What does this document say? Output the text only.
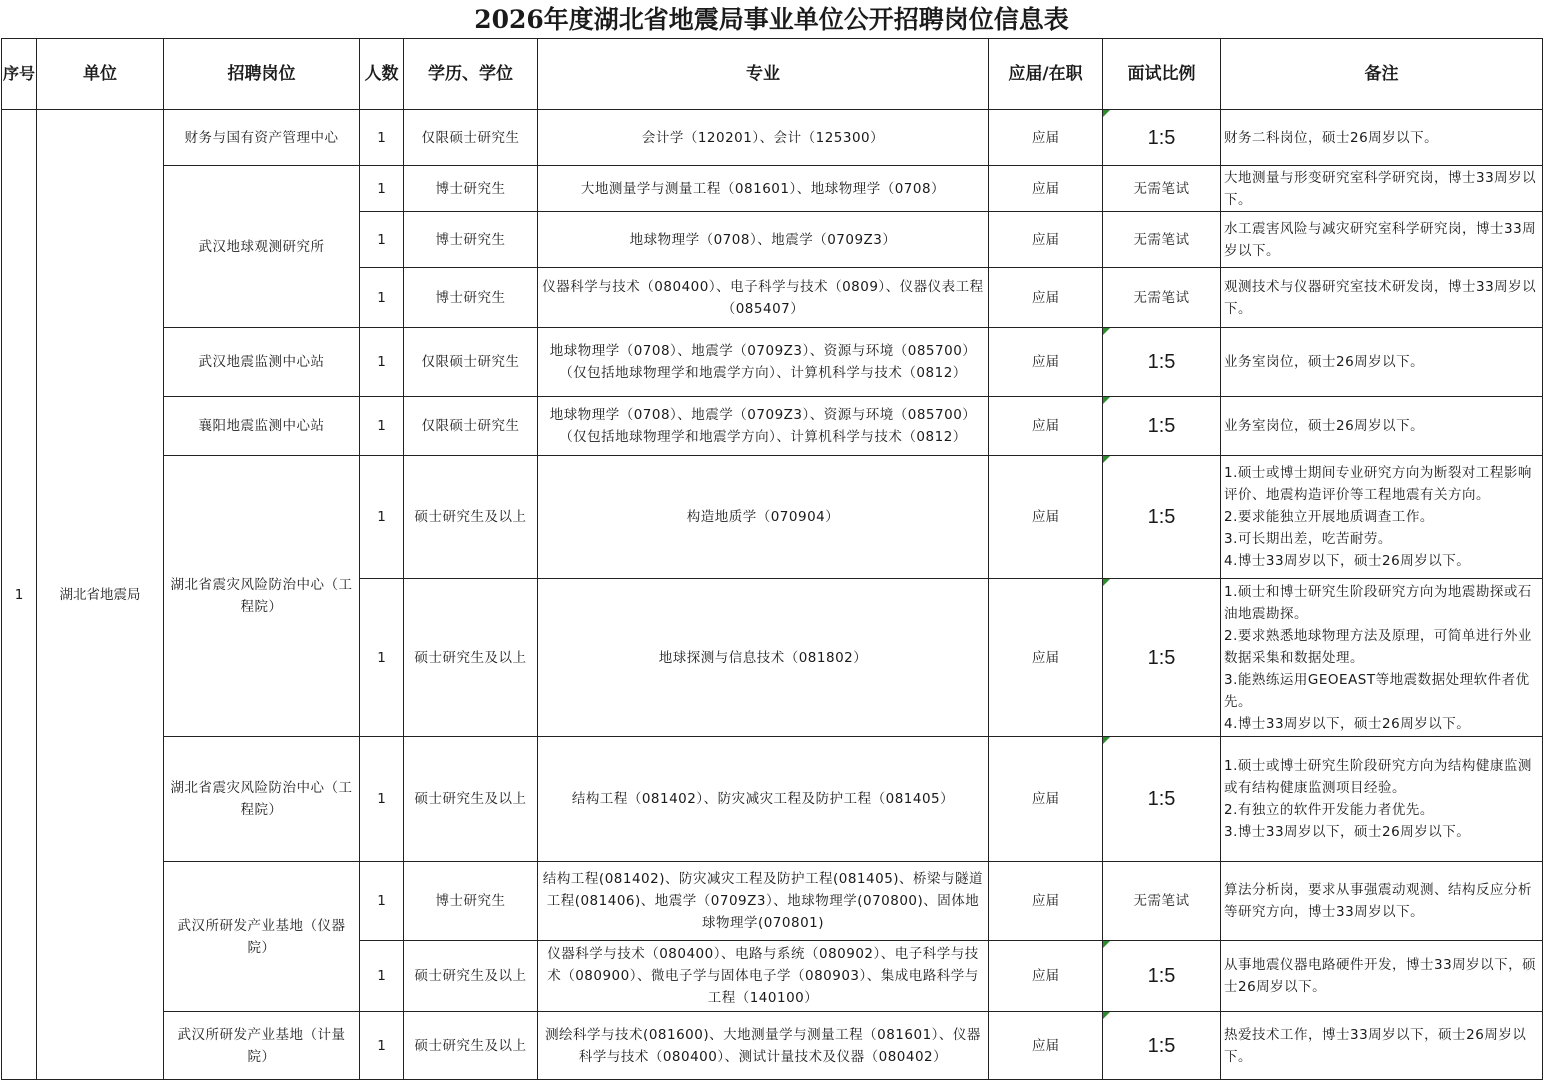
2026年度湖北省地震局事业单位公开招聘岗位信息表
序号	单位	招聘岗位	人数	学历、学位	专业	应届/在职	面试比例	备注
1	湖北省地震局	财务与国有资产管理中心	1	仅限硕士研究生	会计学（120201）、会计（125300）	应届	1:5	财务二科岗位，硕士26周岁以下。

		武汉地球观测研究所	1	博士研究生	大地测量学与测量工程（081601）、地球物理学（0708）	应届	无需笔试	大地测量与形变研究室科学研究岗，博士33周岁以下。

			1	博士研究生	地球物理学（0708）、地震学（0709Z3）	应届	无需笔试	水工震害风险与减灾研究室科学研究岗，博士33周岁以下。

			1	博士研究生	仪器科学与技术（080400）、电子科学与技术（0809）、仪器仪表工程　（085407）	应届	无需笔试	观测技术与仪器研究室技术研发岗，博士33周岁以下。

		武汉地震监测中心站	1	仅限硕士研究生	地球物理学（0708）、地震学（0709Z3）、资源与环境（085700）（仅包括地球物理学和地震学方向）、计算机科学与技术（0812）	应届	1:5	业务室岗位，硕士26周岁以下。

		襄阳地震监测中心站	1	仅限硕士研究生	地球物理学（0708）、地震学（0709Z3）、资源与环境（085700）（仅包括地球物理学和地震学方向）、计算机科学与技术（0812）	应届	1:5	业务室岗位，硕士26周岁以下。

		湖北省震灾风险防治中心（工程院）	1	硕士研究生及以上	构造地质学（070904）	应届	1:5	1.硕士或博士期间专业研究方向为断裂对工程影响评价、地震构造评价等工程地震有关方向。
2.要求能独立开展地质调查工作。
3.可长期出差，吃苦耐劳。
4.博士33周岁以下，硕士26周岁以下。

			1	硕士研究生及以上	地球探测与信息技术（081802）	应届	1:5	1.硕士和博士研究生阶段研究方向为地震勘探或石油地震勘探。
2.要求熟悉地球物理方法及原理，可简单进行外业数据采集和数据处理。
3.能熟练运用GEOEAST等地震数据处理软件者优先。
4.博士33周岁以下，硕士26周岁以下。

		湖北省震灾风险防治中心（工程院）	1	硕士研究生及以上	结构工程（081402）、防灾减灾工程及防护工程（081405）	应届	1:5	1.硕士或博士研究生阶段研究方向为结构健康监测或有结构健康监测项目经验。
2.有独立的软件开发能力者优先。
3.博士33周岁以下，硕士26周岁以下。

		武汉所研发产业基地（仪器院）	1	博士研究生	结构工程(081402)、防灾减灾工程及防护工程(081405)、桥梁与隧道工程(081406)、地震学（0709Z3）、地球物理学(070800)、固体地球物理学(070801)	应届	无需笔试	算法分析岗，要求从事强震动观测、结构反应分析等研究方向，博士33周岁以下。

			1	硕士研究生及以上	仪器科学与技术（080400）、电路与系统（080902）、电子科学与技术（080900）、微电子学与固体电子学（080903）、集成电路科学与工程（140100）	应届	1:5	从事地震仪器电路硬件开发，博士33周岁以下，硕士26周岁以下。

		武汉所研发产业基地（计量院）	1	硕士研究生及以上	测绘科学与技术(081600)、大地测量学与测量工程（081601）、仪器科学与技术（080400）、测试计量技术及仪器（080402）	应届	1:5	热爱技术工作，博士33周岁以下，硕士26周岁以下。
